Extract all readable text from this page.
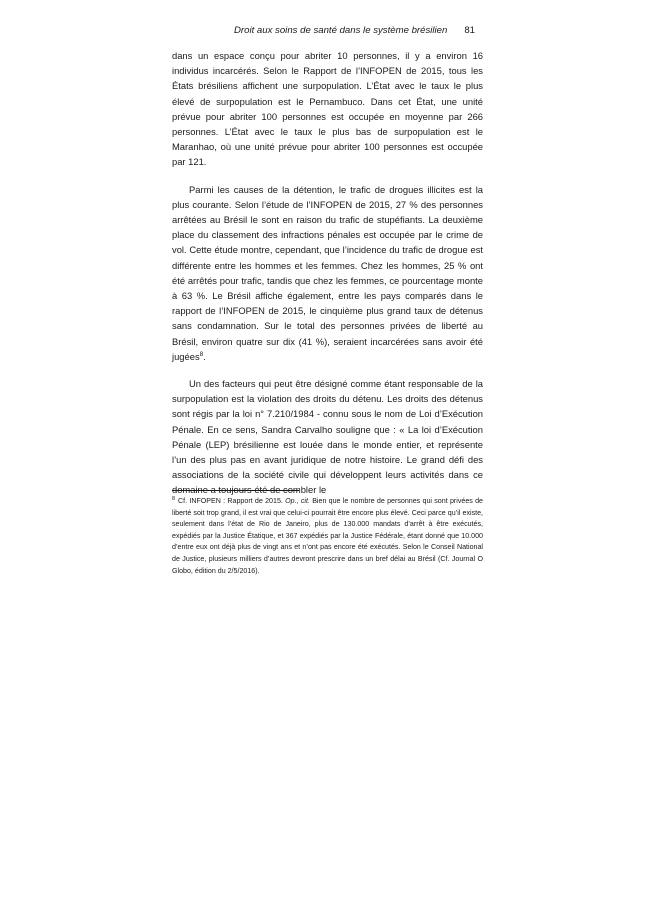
Droit aux soins de santé dans le système brésilien 81

dans un espace conçu pour abriter 10 personnes, il y a environ 16 individus incarcérés. Selon le Rapport de l’INFOPEN de 2015, tous les États brésiliens affichent une surpopulation. L’État avec le taux le plus élevé de surpopulation est le Pernambuco. Dans cet État, une unité prévue pour abriter 100 personnes est occupée en moyenne par 266 personnes. L’État avec le taux le plus bas de surpopulation est le Maranhao, où une unité prévue pour abriter 100 personnes est occupée par 121.

Parmi les causes de la détention, le trafic de drogues illicites est la plus courante. Selon l’étude de l’INFOPEN de 2015, 27 % des personnes arrêtées au Brésil le sont en raison du trafic de stupéfiants. La deuxième place du classement des infractions pénales est occupée par le crime de vol. Cette étude montre, cependant, que l’incidence du trafic de drogue est différente entre les hommes et les femmes. Chez les hommes, 25 % ont été arrêtés pour trafic, tandis que chez les femmes, ce pourcentage monte à 63 %. Le Brésil affiche également, entre les pays comparés dans le rapport de l’INFOPEN de 2015, le cinquième plus grand taux de détenus sans condamnation. Sur le total des personnes privées de liberté au Brésil, environ quatre sur dix (41 %), seraient incarcérées sans avoir été jugées$^8$.

Un des facteurs qui peut être désigné comme étant responsable de la surpopulation est la violation des droits du détenu. Les droits des détenus sont régis par la loi n° 7.210/1984 - connu sous le nom de Loi d’Exécution Pénale. En ce sens, Sandra Carvalho souligne que : « La loi d’Exécution Pénale (LEP) brésilienne est louée dans le monde entier, et représente l’un des plus pas en avant juridique de notre histoire. Le grand défi des associations de la société civile qui développent leurs activités dans ce domaine a toujours été de combler le

$^8$ Cf. INFOPEN : Rapport de 2015. Op., cit. Bien que le nombre de personnes qui sont privées de liberté soit trop grand, il est vrai que celui-ci pourrait être encore plus élevé. Ceci parce qu’il existe, seulement dans l’état de Rio de Janeiro, plus de 130.000 mandats d’arrêt à être exécutés, expédiés par la Justice Étatique, et 367 expédiés par la Justice Fédérale, étant donné que 10.000 d’entre eux ont déjà plus de vingt ans et n’ont pas encore été exécutés. Selon le Conseil National de Justice, plusieurs milliers d’autres devront prescrire dans un bref délai au Brésil (Cf. Journal O Globo, édition du 2/5/2016).
